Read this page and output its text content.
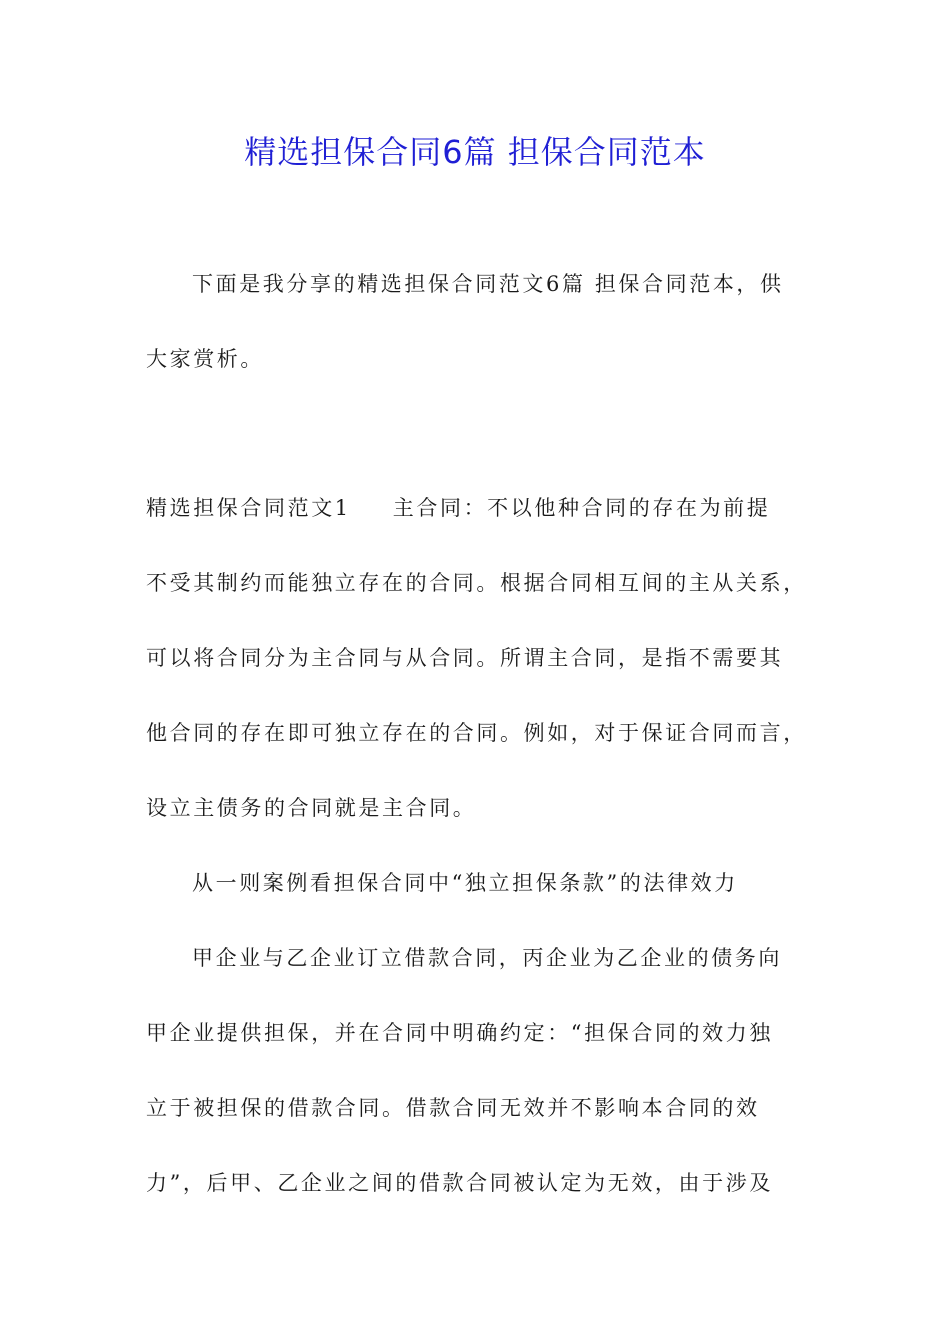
精选担保合同6篇 担保合同范本
下面是我分享的精选担保合同范文6篇 担保合同范本，供
大家赏析。
精选担保合同范文1 主合同：不以他种合同的存在为前提
不受其制约而能独立存在的合同。根据合同相互间的主从关系，
可以将合同分为主合同与从合同。所谓主合同，是指不需要其
他合同的存在即可独立存在的合同。例如，对于保证合同而言，
设立主债务的合同就是主合同。
从一则案例看担保合同中“独立担保条款”的法律效力
甲企业与乙企业订立借款合同，丙企业为乙企业的债务向
甲企业提供担保，并在合同中明确约定：“担保合同的效力独
立于被担保的借款合同。借款合同无效并不影响本合同的效
力”，后甲、乙企业之间的借款合同被认定为无效，由于涉及
